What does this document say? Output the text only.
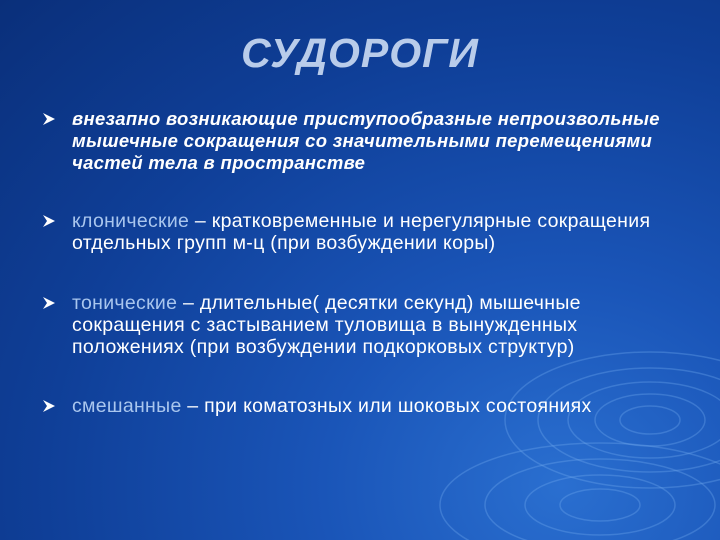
СУДОРОГИ
внезапно возникающие приступообразные непроизвольные мышечные сокращения со значительными перемещениями частей тела в пространстве
клонические – кратковременные и нерегулярные сокращения отдельных групп м-ц (при возбуждении коры)
тонические – длительные( десятки секунд) мышечные сокращения с застыванием туловища в вынужденных положениях (при возбуждении подкорковых структур)
смешанные – при коматозных или шоковых состояниях
